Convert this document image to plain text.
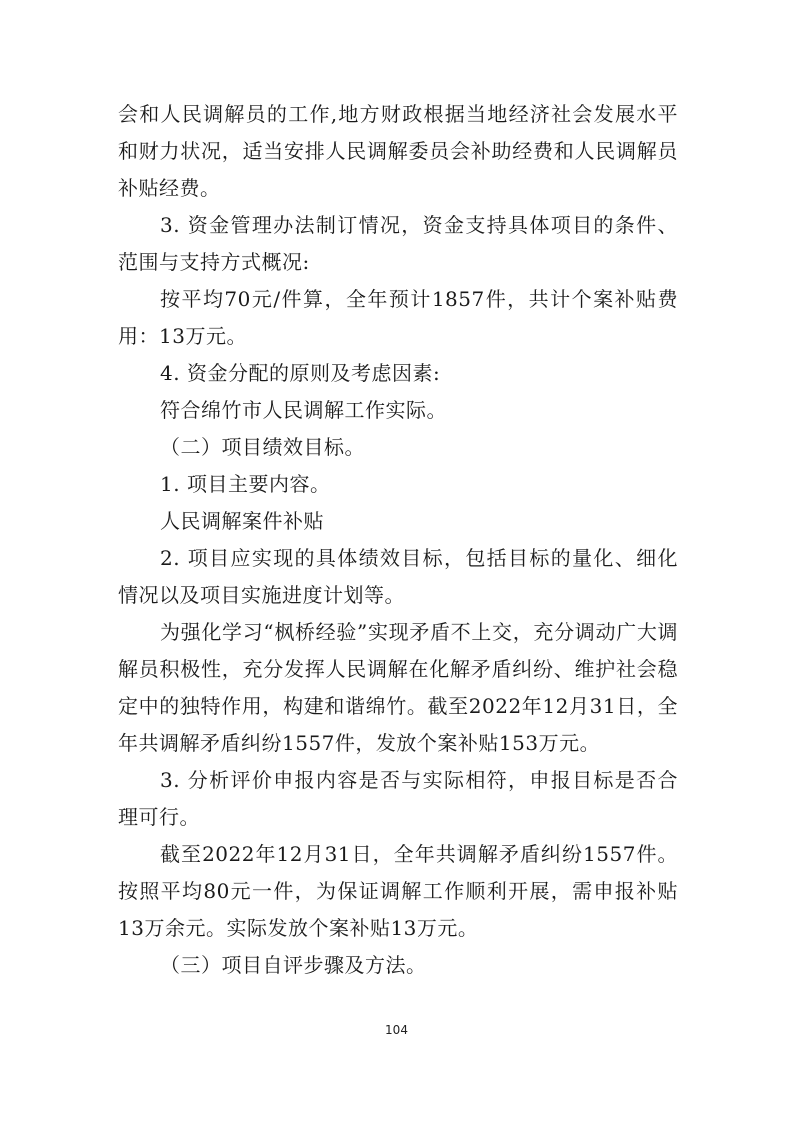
会和人民调解员的工作,地方财政根据当地经济社会发展水平和财力状况，适当安排人民调解委员会补助经费和人民调解员补贴经费。

3. 资金管理办法制订情况，资金支持具体项目的条件、范围与支持方式概况:

按平均70元/件算，全年预计1857件，共计个案补贴费用：13万元。

4. 资金分配的原则及考虑因素:

符合绵竹市人民调解工作实际。

（二）项目绩效目标。

1. 项目主要内容。

人民调解案件补贴

2. 项目应实现的具体绩效目标，包括目标的量化、细化情况以及项目实施进度计划等。

为强化学习“枫桥经验”实现矛盾不上交，充分调动广大调解员积极性，充分发挥人民调解在化解矛盾纠纷、维护社会稳定中的独特作用，构建和谐绵竹。截至2022年12月31日，全年共调解矛盾纠纷1557件，发放个案补贴153万元。

3. 分析评价申报内容是否与实际相符，申报目标是否合理可行。

截至2022年12月31日，全年共调解矛盾纠纷1557件。按照平均80元一件，为保证调解工作顺利开展，需申报补贴13万余元。实际发放个案补贴13万元。

（三）项目自评步骤及方法。

104
